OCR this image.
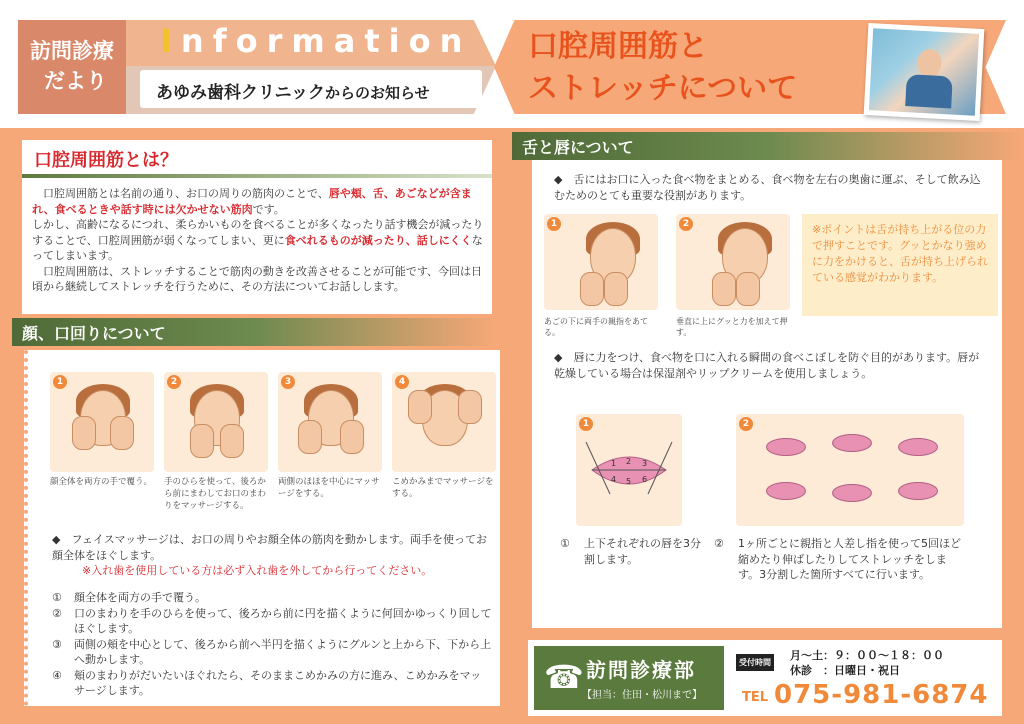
訪問診療
だより
Information
あゆみ歯科クリニックからのお知らせ
口腔周囲筋と
ストレッチについて
口腔周囲筋とは？

　口腔周囲筋とは名前の通り、お口の周りの筋肉のことで、唇や頬、舌、あごなどが含まれ、食べるときや話す時には欠かせない筋肉です。

しかし、高齢になるにつれ、柔らかいものを食べることが多くなったり話す機会が減ったりすることで、口腔周囲筋が弱くなってしまい、更に食べれるものが減ったり、話しにくくなってしまいます。

　口腔周囲筋は、ストレッチすることで筋肉の動きを改善させることが可能です、今回は日頃から継続してストレッチを行うために、その方法についてお話しします。

顔、口回りについて
1
顔全体を両方の手で覆う。
2
手のひらを使って、後ろから前にまわしてお口のまわりをマッサージする。
3
両側のほほを中心にマッサージをする。
4
こめかみまでマッサージをする。

◆　フェイスマッサージは、お口の周りやお顔全体の筋肉を動かします。両手を使ってお顔全体をほぐします。

※入れ歯を使用している方は必ず入れ歯を外してから行ってください。

①	顔全体を両方の手で覆う。
②	口のまわりを手のひらを使って、後ろから前に円を描くように何回かゆっくり回してほぐします。
③	両側の頬を中心として、後ろから前へ半円を描くようにグルンと上から下、下から上へ動かします。
④	頬のまわりがだいたいほぐれたら、そのままこめかみの方に進み、こめかみをマッサージします。
舌と唇について
◆　舌にはお口に入った食べ物をまとめる、食べ物を左右の奥歯に運ぶ、そして飲み込むためのとても重要な役割があります。
1
あごの下に両手の親指をあてる。
2
垂直に上にグッと力を加えて押す。
※ポイントは舌が持ち上がる位の力で押すことです。グッとかなり強めに力をかけると、舌が持ち上げられている感覚がわかります。
◆　唇に力をつけ、食べ物を口に入れる瞬間の食べこぼしを防ぐ目的があります。唇が乾燥している場合は保湿剤やリップクリームを使用しましょう。
1
1 2 3
4 5 6
2
①	上下それぞれの唇を3分割します。
②	1ヶ所ごとに親指と人差し指を使って5回ほど縮めたり伸ばしたりしてストレッチをします。3分割した箇所すべてに行います。
☎ 訪問診療部
【担当：住田・松川まで】
受付時間
月〜土：９：００〜１８：００
休診　：日曜日・祝日
TEL 075-981-6874
